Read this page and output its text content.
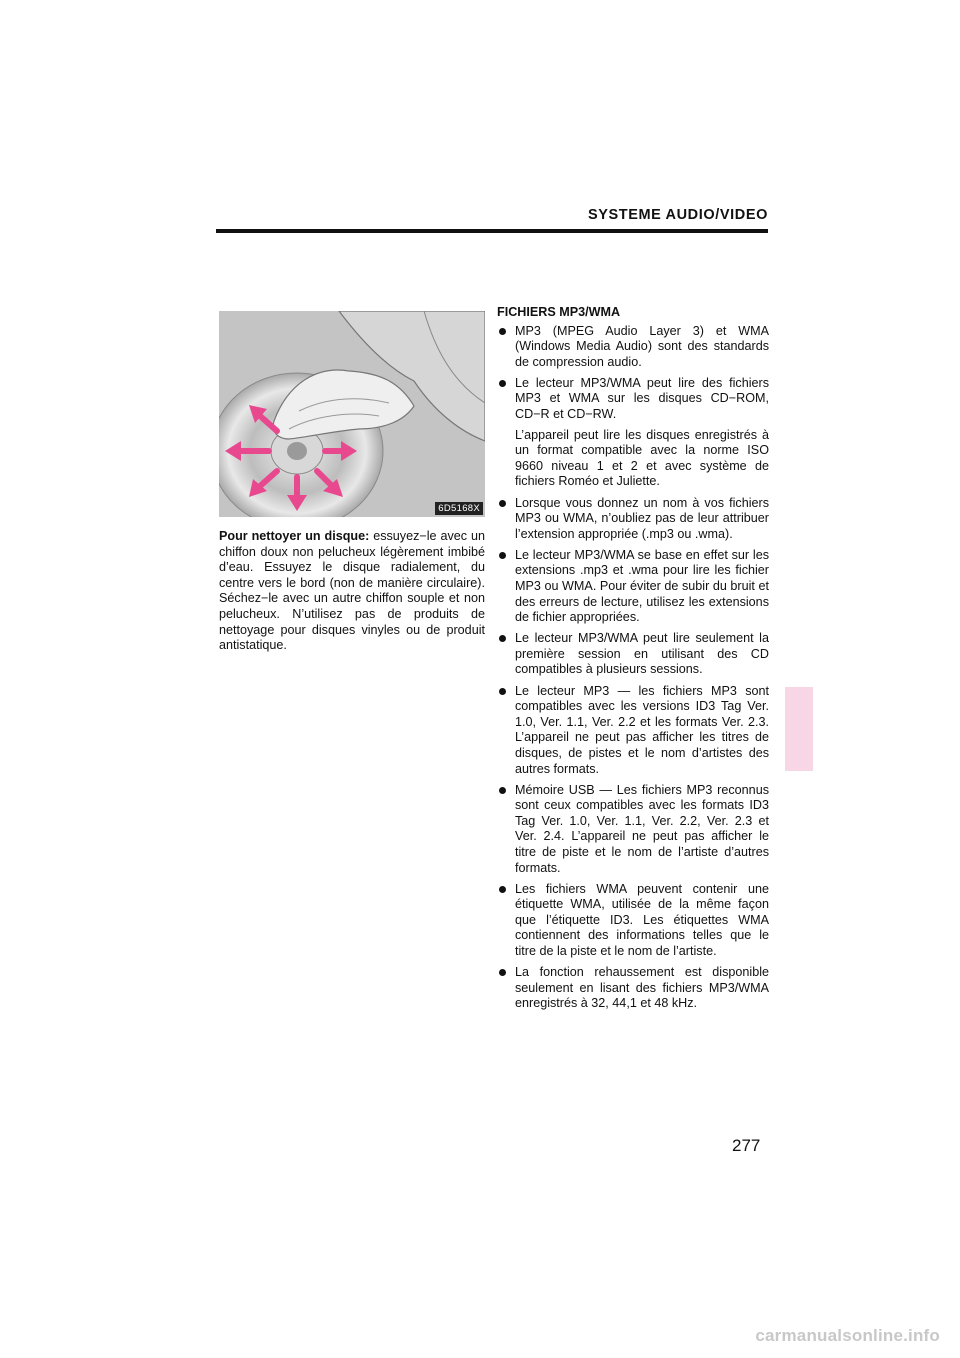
SYSTEME AUDIO/VIDEO
6D5168X
Pour nettoyer un disque: essuyez−le avec un chiffon doux non pelucheux légèrement imbibé d’eau. Essuyez le disque radialement, du centre vers le bord (non de manière circulaire). Séchez−le avec un autre chiffon souple et non pelucheux. N’utilisez pas de produits de nettoyage pour disques vinyles ou de produit antistatique.
FICHIERS MP3/WMA
MP3 (MPEG Audio Layer 3) et WMA (Windows Media Audio) sont des standards de compression audio.
Le lecteur MP3/WMA peut lire des fichiers MP3 et WMA sur les disques CD−ROM, CD−R et CD−RW.
L’appareil peut lire les disques enregistrés à un format compatible avec la norme ISO 9660 niveau 1 et 2 et avec système de fichiers Roméo et Juliette.
Lorsque vous donnez un nom à vos fichiers MP3 ou WMA, n’oubliez pas de leur attribuer l’extension appropriée (.mp3 ou .wma).
Le lecteur MP3/WMA se base en effet sur les extensions .mp3 et .wma pour lire les fichier MP3 ou WMA. Pour éviter de subir du bruit et des erreurs de lecture, utilisez les extensions de fichier appropriées.
Le lecteur MP3/WMA peut lire seulement la première session en utilisant des CD compatibles à plusieurs sessions.
Le lecteur MP3 — les fichiers MP3 sont compatibles avec les versions ID3 Tag Ver. 1.0, Ver. 1.1, Ver. 2.2 et les formats Ver. 2.3. L’appareil ne peut pas afficher les titres de disques, de pistes et le nom d’artistes des autres formats.
Mémoire USB — Les fichiers MP3 reconnus sont ceux compatibles avec les formats ID3 Tag Ver. 1.0, Ver. 1.1, Ver. 2.2, Ver. 2.3 et Ver. 2.4. L’appareil ne peut pas afficher le titre de piste et le nom de l’artiste d’autres formats.
Les fichiers WMA peuvent contenir une étiquette WMA, utilisée de la même façon que l’étiquette ID3. Les étiquettes WMA contiennent des informations telles que le titre de la piste et le nom de l’artiste.
La fonction rehaussement est disponible seulement en lisant des fichiers MP3/WMA enregistrés à 32, 44,1 et 48 kHz.
277
carmanualsonline.info
